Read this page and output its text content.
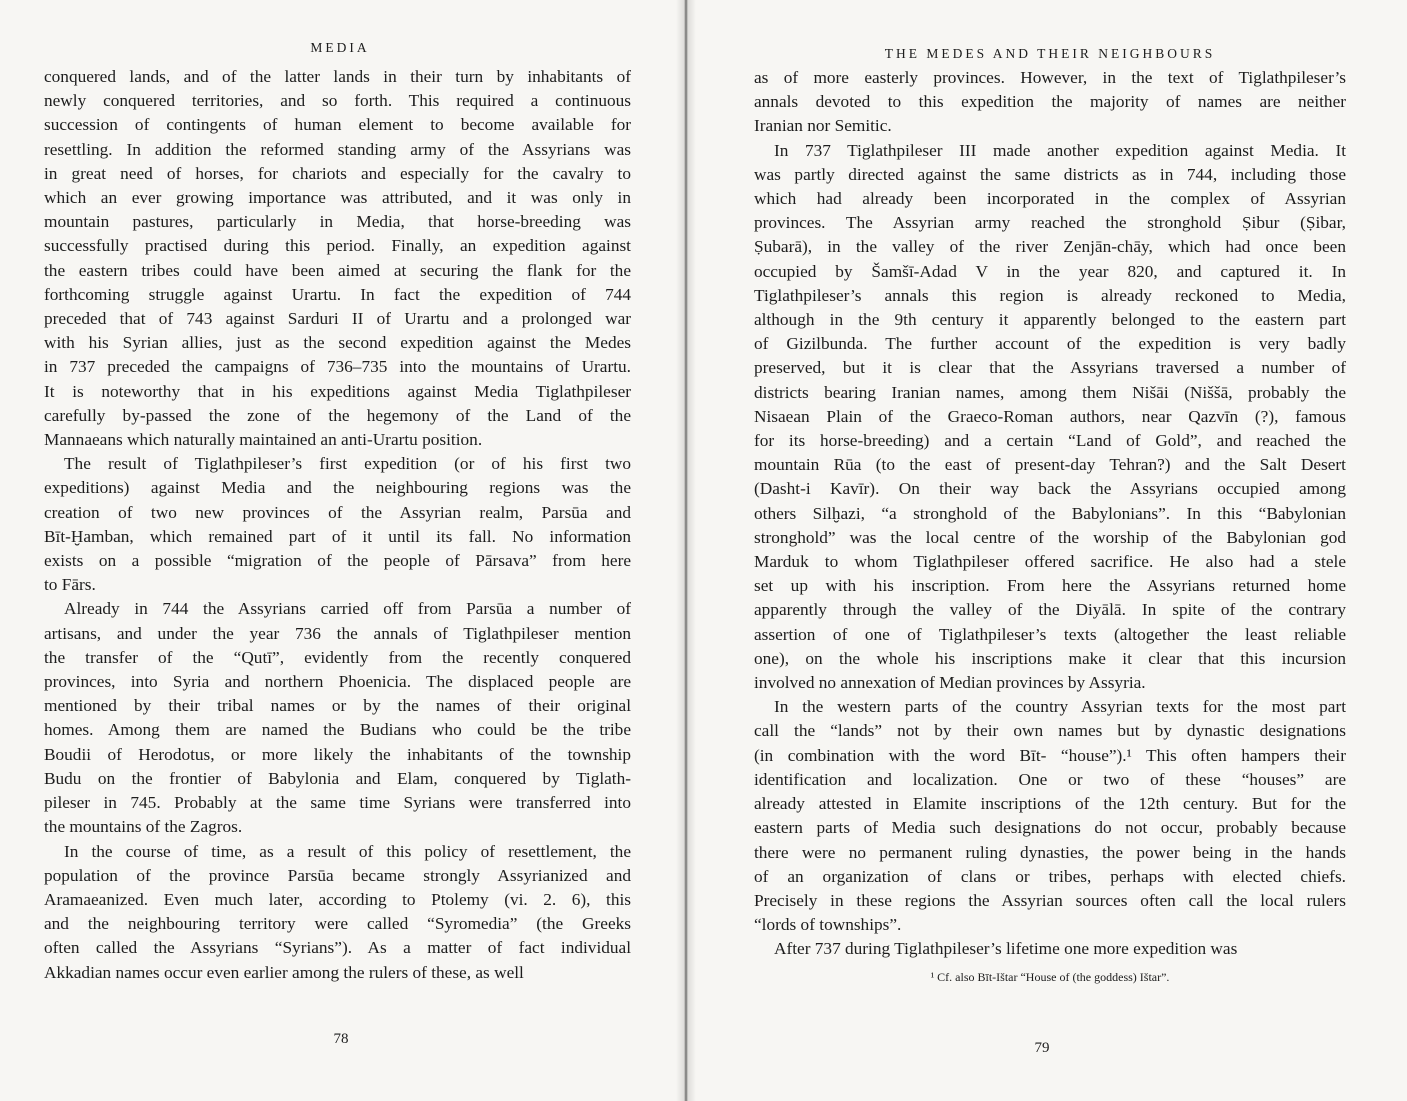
MEDIA

conquered lands, and of the latter lands in their turn by inhabitants of
newly conquered territories, and so forth. This required a continuous
succession of contingents of human element to become available for
resettling. In addition the reformed standing army of the Assyrians was
in great need of horses, for chariots and especially for the cavalry to
which an ever growing importance was attributed, and it was only in
mountain pastures, particularly in Media, that horse-breeding was
successfully practised during this period. Finally, an expedition against
the eastern tribes could have been aimed at securing the flank for the
forthcoming struggle against Urartu. In fact the expedition of 744
preceded that of 743 against Sarduri II of Urartu and a prolonged war
with his Syrian allies, just as the second expedition against the Medes
in 737 preceded the campaigns of 736–735 into the mountains of Urartu.
It is noteworthy that in his expeditions against Media Tiglathpileser
carefully by-passed the zone of the hegemony of the Land of the
Mannaeans which naturally maintained an anti-Urartu position.

The result of Tiglathpileser’s first expedition (or of his first two
expeditions) against Media and the neighbouring regions was the
creation of two new provinces of the Assyrian realm, Parsūa and
Bīt-Ḫamban, which remained part of it until its fall. No information
exists on a possible “migration of the people of Pārsava” from here
to Fārs.

Already in 744 the Assyrians carried off from Parsūa a number of
artisans, and under the year 736 the annals of Tiglathpileser mention
the transfer of the “Qutī”, evidently from the recently conquered
provinces, into Syria and northern Phoenicia. The displaced people are
mentioned by their tribal names or by the names of their original
homes. Among them are named the Budians who could be the tribe
Boudii of Herodotus, or more likely the inhabitants of the township
Budu on the frontier of Babylonia and Elam, conquered by Tiglath-
pileser in 745. Probably at the same time Syrians were transferred into
the mountains of the Zagros.

In the course of time, as a result of this policy of resettlement, the
population of the province Parsūa became strongly Assyrianized and
Aramaeanized. Even much later, according to Ptolemy (vi. 2. 6), this
and the neighbouring territory were called “Syromedia” (the Greeks
often called the Assyrians “Syrians”). As a matter of fact individual
Akkadian names occur even earlier among the rulers of these, as well

78
THE MEDES AND THEIR NEIGHBOURS

as of more easterly provinces. However, in the text of Tiglathpileser’s
annals devoted to this expedition the majority of names are neither
Iranian nor Semitic.

In 737 Tiglathpileser III made another expedition against Media. It
was partly directed against the same districts as in 744, including those
which had already been incorporated in the complex of Assyrian
provinces. The Assyrian army reached the stronghold Ṣibur (Ṣibar,
Ṣubarā), in the valley of the river Zenjān-chāy, which had once been
occupied by Šamšī-Adad V in the year 820, and captured it. In
Tiglathpileser’s annals this region is already reckoned to Media,
although in the 9th century it apparently belonged to the eastern part
of Gizilbunda. The further account of the expedition is very badly
preserved, but it is clear that the Assyrians traversed a number of
districts bearing Iranian names, among them Nišāi (Niššā, probably the
Nisaean Plain of the Graeco-Roman authors, near Qazvīn (?), famous
for its horse-breeding) and a certain “Land of Gold”, and reached the
mountain Rūa (to the east of present-day Tehran?) and the Salt Desert
(Dasht-i Kavīr). On their way back the Assyrians occupied among
others Silḫazi, “a stronghold of the Babylonians”. In this “Babylonian
stronghold” was the local centre of the worship of the Babylonian god
Marduk to whom Tiglathpileser offered sacrifice. He also had a stele
set up with his inscription. From here the Assyrians returned home
apparently through the valley of the Diyālā. In spite of the contrary
assertion of one of Tiglathpileser’s texts (altogether the least reliable
one), on the whole his inscriptions make it clear that this incursion
involved no annexation of Median provinces by Assyria.

In the western parts of the country Assyrian texts for the most part
call the “lands” not by their own names but by dynastic designations
(in combination with the word Bīt- “house”).¹ This often hampers their
identification and localization. One or two of these “houses” are
already attested in Elamite inscriptions of the 12th century. But for the
eastern parts of Media such designations do not occur, probably because
there were no permanent ruling dynasties, the power being in the hands
of an organization of clans or tribes, perhaps with elected chiefs.
Precisely in these regions the Assyrian sources often call the local rulers
“lords of townships”.

After 737 during Tiglathpileser’s lifetime one more expedition was

¹ Cf. also Bīt-Ištar “House of (the goddess) Ištar”.
79
